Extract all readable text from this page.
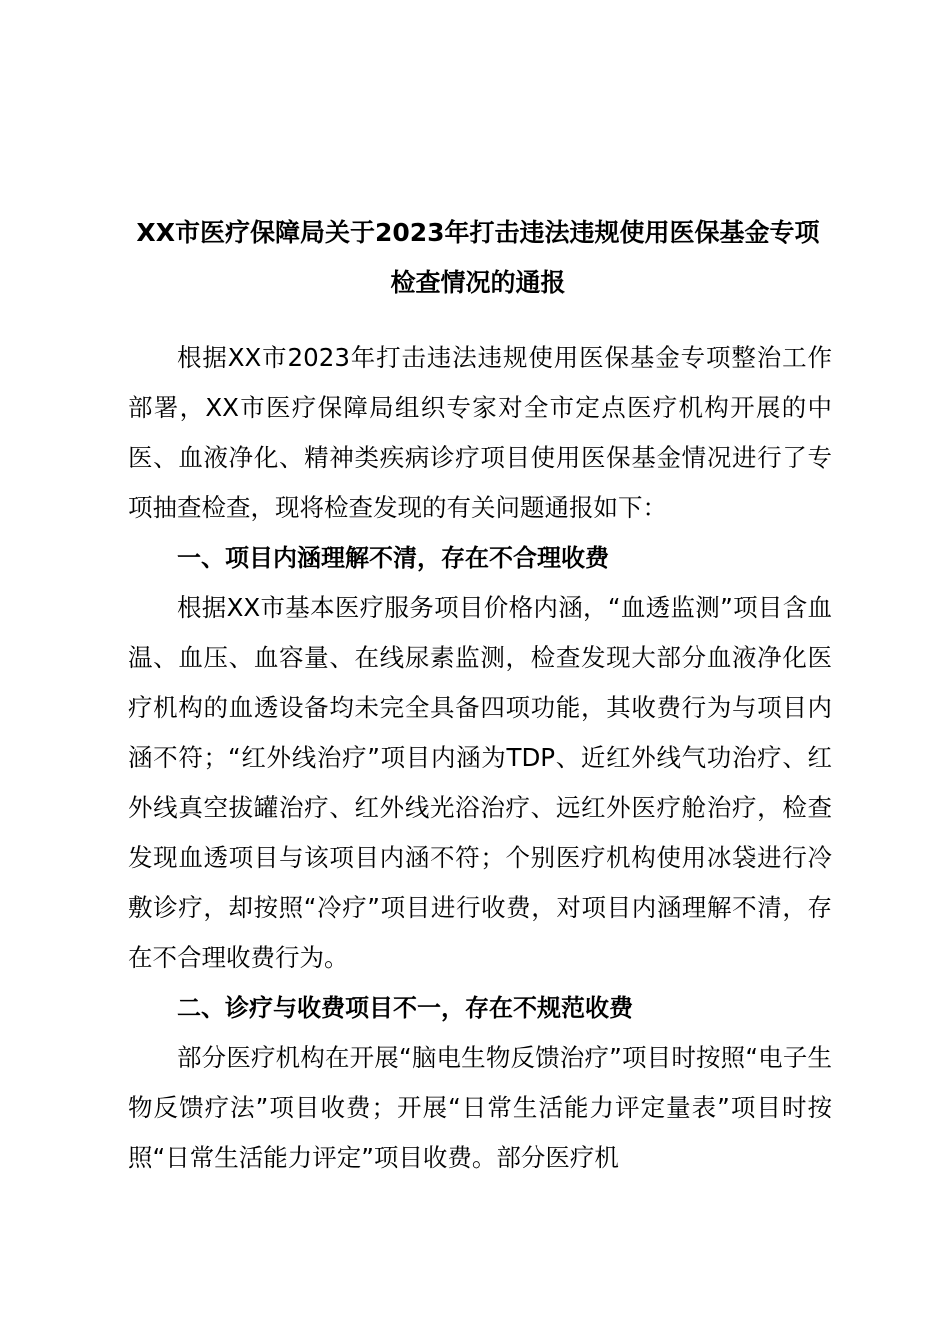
XX市医疗保障局关于2023年打击违法违规使用医保基金专项检查情况的通报

根据XX市2023年打击违法违规使用医保基金专项整治工作部署，XX市医疗保障局组织专家对全市定点医疗机构开展的中医、血液净化、精神类疾病诊疗项目使用医保基金情况进行了专项抽查检查，现将检查发现的有关问题通报如下：

一、项目内涵理解不清，存在不合理收费

根据XX市基本医疗服务项目价格内涵，“血透监测”项目含血温、血压、血容量、在线尿素监测，检查发现大部分血液净化医疗机构的血透设备均未完全具备四项功能，其收费行为与项目内涵不符；“红外线治疗”项目内涵为TDP、近红外线气功治疗、红外线真空拔罐治疗、红外线光浴治疗、远红外医疗舱治疗，检查发现血透项目与该项目内涵不符；个别医疗机构使用冰袋进行冷敷诊疗，却按照“冷疗”项目进行收费，对项目内涵理解不清，存在不合理收费行为。

二、诊疗与收费项目不一，存在不规范收费

部分医疗机构在开展“脑电生物反馈治疗”项目时按照“电子生物反馈疗法”项目收费；开展“日常生活能力评定量表”项目时按照“日常生活能力评定”项目收费。部分医疗机
